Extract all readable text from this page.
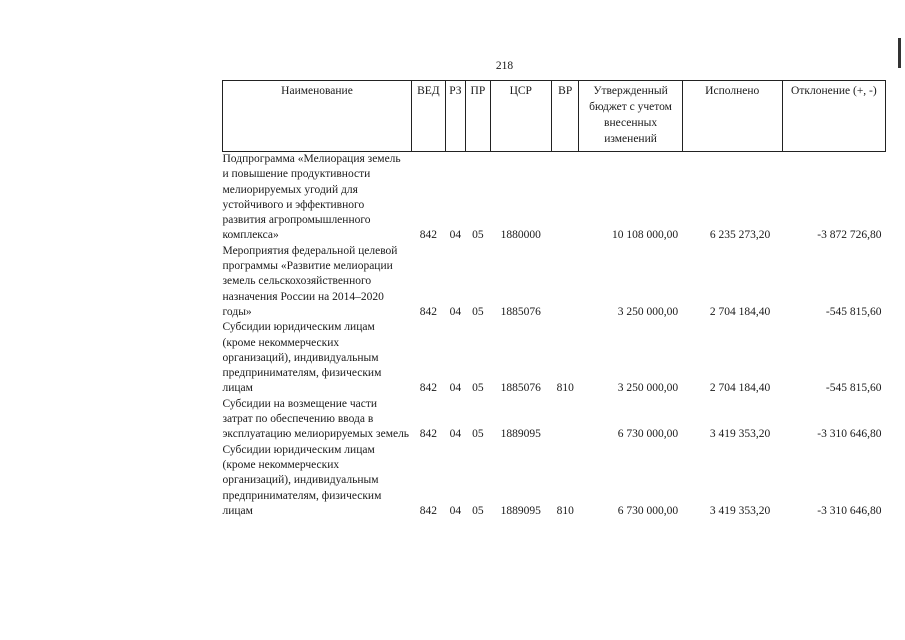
218
Наименование	ВЕД	РЗ	ПР	ЦСР	ВР	Утвержденный бюджет с учетом внесенных изменений	Исполнено	Отклонение (+, -)
Подпрограмма «Мелиорация земель и повышение продуктивности мелиорируемых угодий для устойчивого и эффективного развития агропромышленного комплекса»	842	04	05	1880000		10 108 000,00	6 235 273,20	-3 872 726,80
Мероприятия федеральной целевой программы «Развитие мелиорации земель сельскохозяйственного назначения России на 2014–2020 годы»	842	04	05	1885076		3 250 000,00	2 704 184,40	-545 815,60
Субсидии юридическим лицам (кроме некоммерческих организаций), индивидуальным предпринимателям, физическим лицам	842	04	05	1885076	810	3 250 000,00	2 704 184,40	-545 815,60
Субсидии на возмещение части затрат по обеспечению ввода в эксплуатацию мелиорируемых земель	842	04	05	1889095		6 730 000,00	3 419 353,20	-3 310 646,80
Субсидии юридическим лицам (кроме некоммерческих организаций), индивидуальным предпринимателям, физическим лицам	842	04	05	1889095	810	6 730 000,00	3 419 353,20	-3 310 646,80
